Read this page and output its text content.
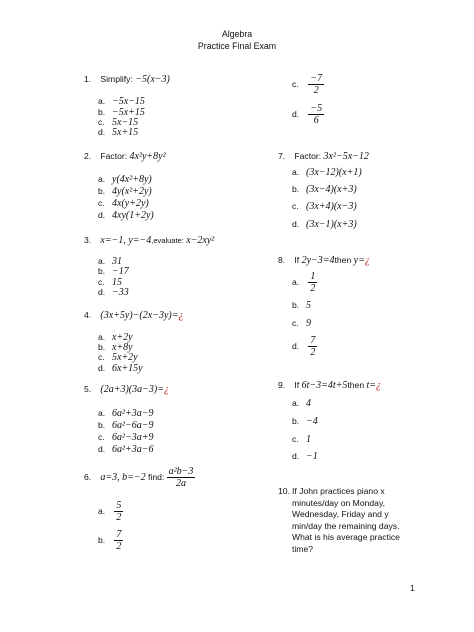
Algebra
Practice Final Exam
1. Simplify: −5(x−3)
a. −5x−15
b. −5x+15
c. 5x−15
d. 5x+15
c. $\frac{-7}{2}$
d. $\frac{-5}{6}$
2. Factor: 4x²y+8y²
a. y(4x²+8y)
b. 4y(x²+2y)
c. 4x(y+2y)
d. 4xy(1+2y)
3. x=−1, y=−4,evaluate: x−2xy²
a. 31
b. −17
c. 15
d. −33
4. (3x+5y)−(2x−3y)=¿
a. x+2y
b. x+8y
c. 5x+2y
d. 6x+15y
5. (2a+3)(3a−3)=¿
a. 6a²+3a−9
b. 6a²−6a−9
c. 6a²−3a+9
d. 6a²+3a−6
6. a=3, b=−2 find: $\frac{\text{a²b−3}}{2a}$
a. $\frac{5}{2}$
b. $\frac{7}{2}$
7. Factor: 3x²−5x−12
a. (3x−12)(x+1)
b. (3x−4)(x+3)
c. (3x+4)(x−3)
d. (3x−1)(x+3)
8. If 2y−3=4then y=¿
a. $\frac{1}{2}$
b. 5
c. 9
d. $\frac{7}{2}$
9. If 6t−3=4t+5then t=¿
a. 4
b. −4
c. 1
d. −1
10. If John practices piano x minutes/day on Monday, Wednesday, Friday and y min/day the remaining days. What is his average practice time?
1
